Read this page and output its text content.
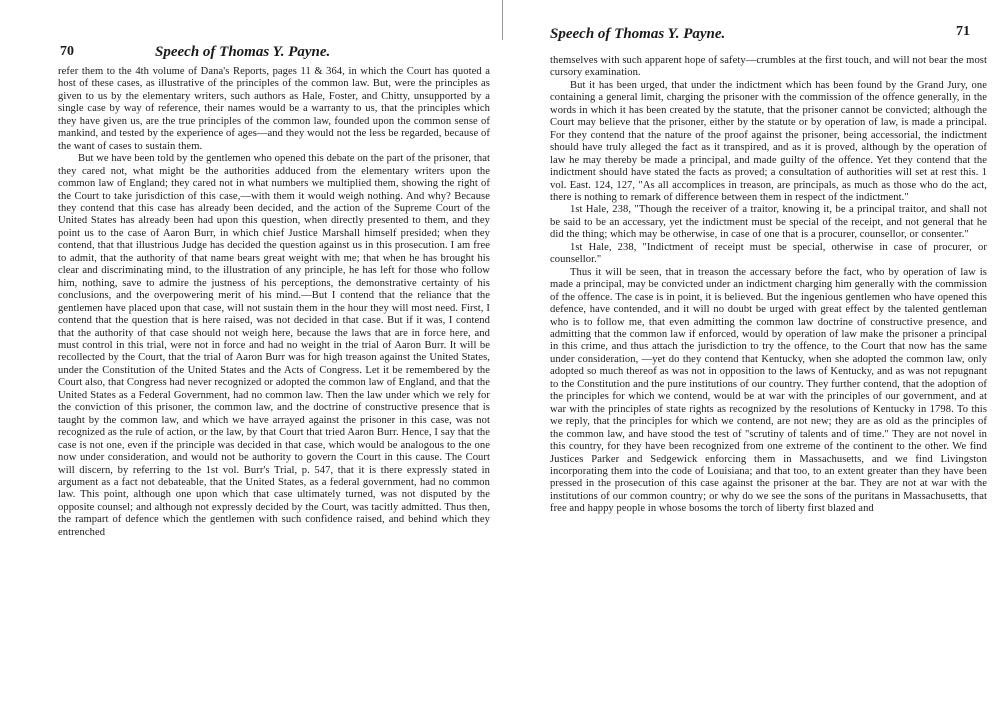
70	Speech of Thomas Y. Payne.

refer them to the 4th volume of Dana's Reports, pages 11 & 364, in which the Court has quoted a host of these cases, as illustrative of the principles of the common law. But, were the principles as given to us by the elementary writers, such authors as Hale, Foster, and Chitty, unsupported by a single case by way of reference, their names would be a warranty to us, that the principles which they have given us, are the true principles of the common law, founded upon the common sense of mankind, and tested by the experience of ages—and they would not the less be regarded, because of the want of cases to sustain them.

But we have been told by the gentlemen who opened this debate on the part of the prisoner, that they cared not, what might be the authorities adduced from the elementary writers upon the common law of England; they cared not in what numbers we multiplied them, showing the right of the Court to take jurisdiction of this case,—with them it would weigh nothing. And why? Because they contend that this case has already been decided, and the action of the Supreme Court of the United States has already been had upon this question, when directly presented to them, and they point us to the case of Aaron Burr, in which chief Justice Marshall himself presided; when they contend, that that illustrious Judge has decided the question against us in this prosecution. I am free to admit, that the authority of that name bears great weight with me; that when he has brought his clear and discriminating mind, to the illustration of any principle, he has left for those who follow him, nothing, save to admire the justness of his perceptions, the demonstrative certainty of his conclusions, and the overpowering merit of his mind.—But I contend that the reliance that the gentlemen have placed upon that case, will not sustain them in the hour they will most need. First, I contend that the question that is here raised, was not decided in that case. But if it was, I contend that the authority of that case should not weigh here, because the laws that are in force here, and must control in this trial, were not in force and had no weight in the trial of Aaron Burr. It will be recollected by the Court, that the trial of Aaron Burr was for high treason against the United States, under the Constitution of the United States and the Acts of Congress. Let it be remembered by the Court also, that Congress had never recognized or adopted the common law of England, and that the United States as a Federal Government, had no common law. Then the law under which we rely for the conviction of this prisoner, the common law, and the doctrine of constructive presence that is taught by the common law, and which we have arrayed against the prisoner in this case, was not recognized as the rule of action, or the law, by that Court that tried Aaron Burr. Hence, I say that the case is not one, even if the principle was decided in that case, which would be analogous to the one now under consideration, and would not be authority to govern the Court in this cause. The Court will discern, by referring to the 1st vol. Burr's Trial, p. 547, that it is there expressly stated in argument as a fact not debateable, that the United States, as a federal government, had no common law. This point, although one upon which that case ultimately turned, was not disputed by the opposite counsel; and although not expressly decided by the Court, was tacitly admitted. Thus then, the rampart of defence which the gentlemen with such confidence raised, and behind which they entrenched

Speech of Thomas Y. Payne.	71

themselves with such apparent hope of safety—crumbles at the first touch, and will not bear the most cursory examination.

But it has been urged, that under the indictment which has been found by the Grand Jury, one containing a general limit, charging the prisoner with the commission of the offence generally, in the words in which it has been created by the statute, that the prisoner cannot be convicted; although the Court may believe that the prisoner, either by the statute or by operation of law, is made a principal. For they contend that the nature of the proof against the prisoner, being accessorial, the indictment should have truly alleged the fact as it transpired, and as it is proved, although by the operation of law he may thereby be made a principal, and made guilty of the offence. Yet they contend that the indictment should have stated the facts as proved; a consultation of authorities will set at rest this. 1 vol. East. 124, 127, "As all accomplices in treason, are principals, as much as those who do the act, there is nothing to remark of difference between them in respect of the indictment."

1st Hale, 238, "Though the receiver of a traitor, knowing it, be a principal traitor, and shall not be said to be an accessary, yet the indictment must be special of the receipt, and not general that he did the thing; which may be otherwise, in case of one that is a procurer, counsellor, or consenter."

1st Hale, 238, "Indictment of receipt must be special, otherwise in case of procurer, or counsellor."

Thus it will be seen, that in treason the accessary before the fact, who by operation of law is made a principal, may be convicted under an indictment charging him generally with the commission of the offence. The case is in point, it is believed. But the ingenious gentlemen who have opened this defence, have contended, and it will no doubt be urged with great effect by the talented gentleman who is to follow me, that even admitting the common law doctrine of constructive presence, and admitting that the common law if enforced, would by operation of law make the prisoner a principal in this crime, and thus attach the jurisdiction to try the offence, to the Court that now has the same under consideration, —yet do they contend that Kentucky, when she adopted the common law, only adopted so much thereof as was not in opposition to the laws of Kentucky, and as was not repugnant to the Constitution and the pure institutions of our country. They further contend, that the adoption of the principles for which we contend, would be at war with the principles of our government, and at war with the principles of state rights as recognized by the resolutions of Kentucky in 1798. To this we reply, that the principles for which we contend, are not new; they are as old as the principles of the common law, and have stood the test of "scrutiny of talents and of time." They are not novel in this country, for they have been recognized from one extreme of the continent to the other. We find Justices Parker and Sedgewick enforcing them in Massachusetts, and we find Livingston incorporating them into the code of Louisiana; and that too, to an extent greater than they have been pressed in the prosecution of this case against the prisoner at the bar. They are not at war with the institutions of our common country; or why do we see the sons of the puritans in Massachusetts, that free and happy people in whose bosoms the torch of liberty first blazed and
